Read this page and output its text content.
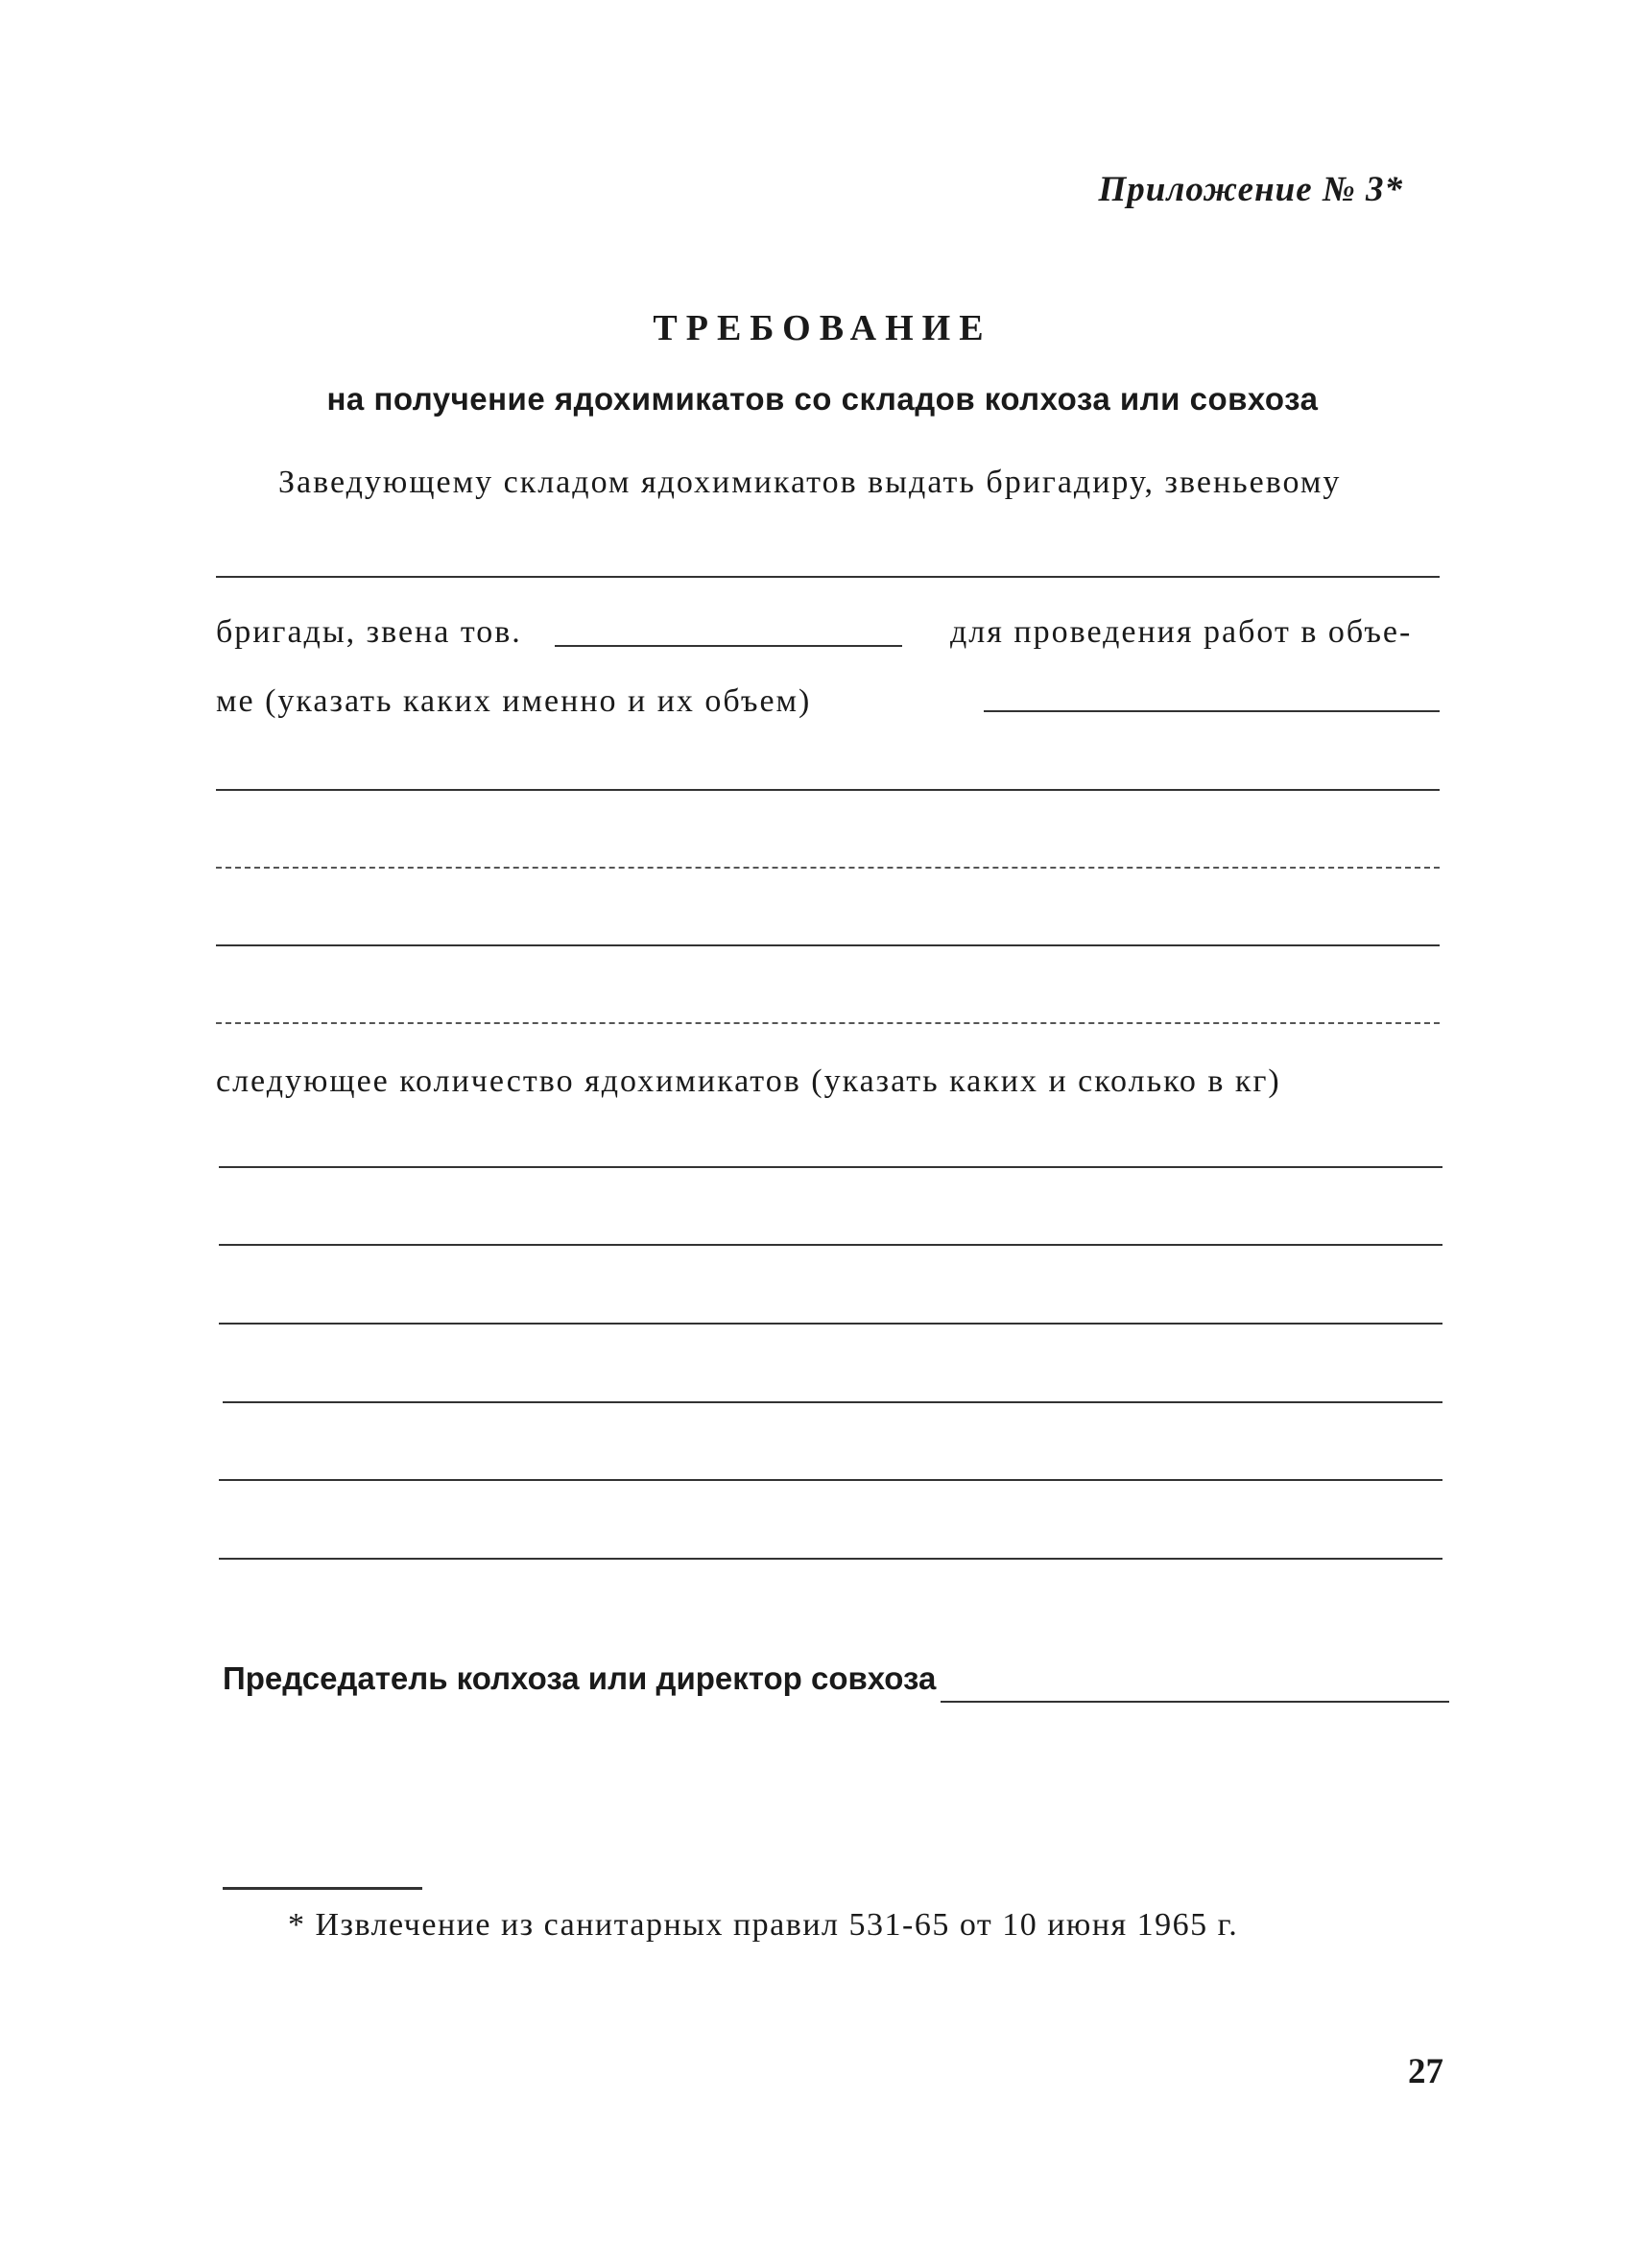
Приложение № 3*
ТРЕБОВАНИЕ
на получение ядохимикатов со складов колхоза или совхоза
Заведующему складом ядохимикатов выдать бригадиру, звеньевому
бригады, звена тов.	для проведения работ в объе-
ме (указать каких именно и их объем)
следующее количество ядохимикатов (указать каких и сколько в кг)
Председатель колхоза или директор совхоза
* Извлечение из санитарных правил 531-65 от 10 июня 1965 г.
27
